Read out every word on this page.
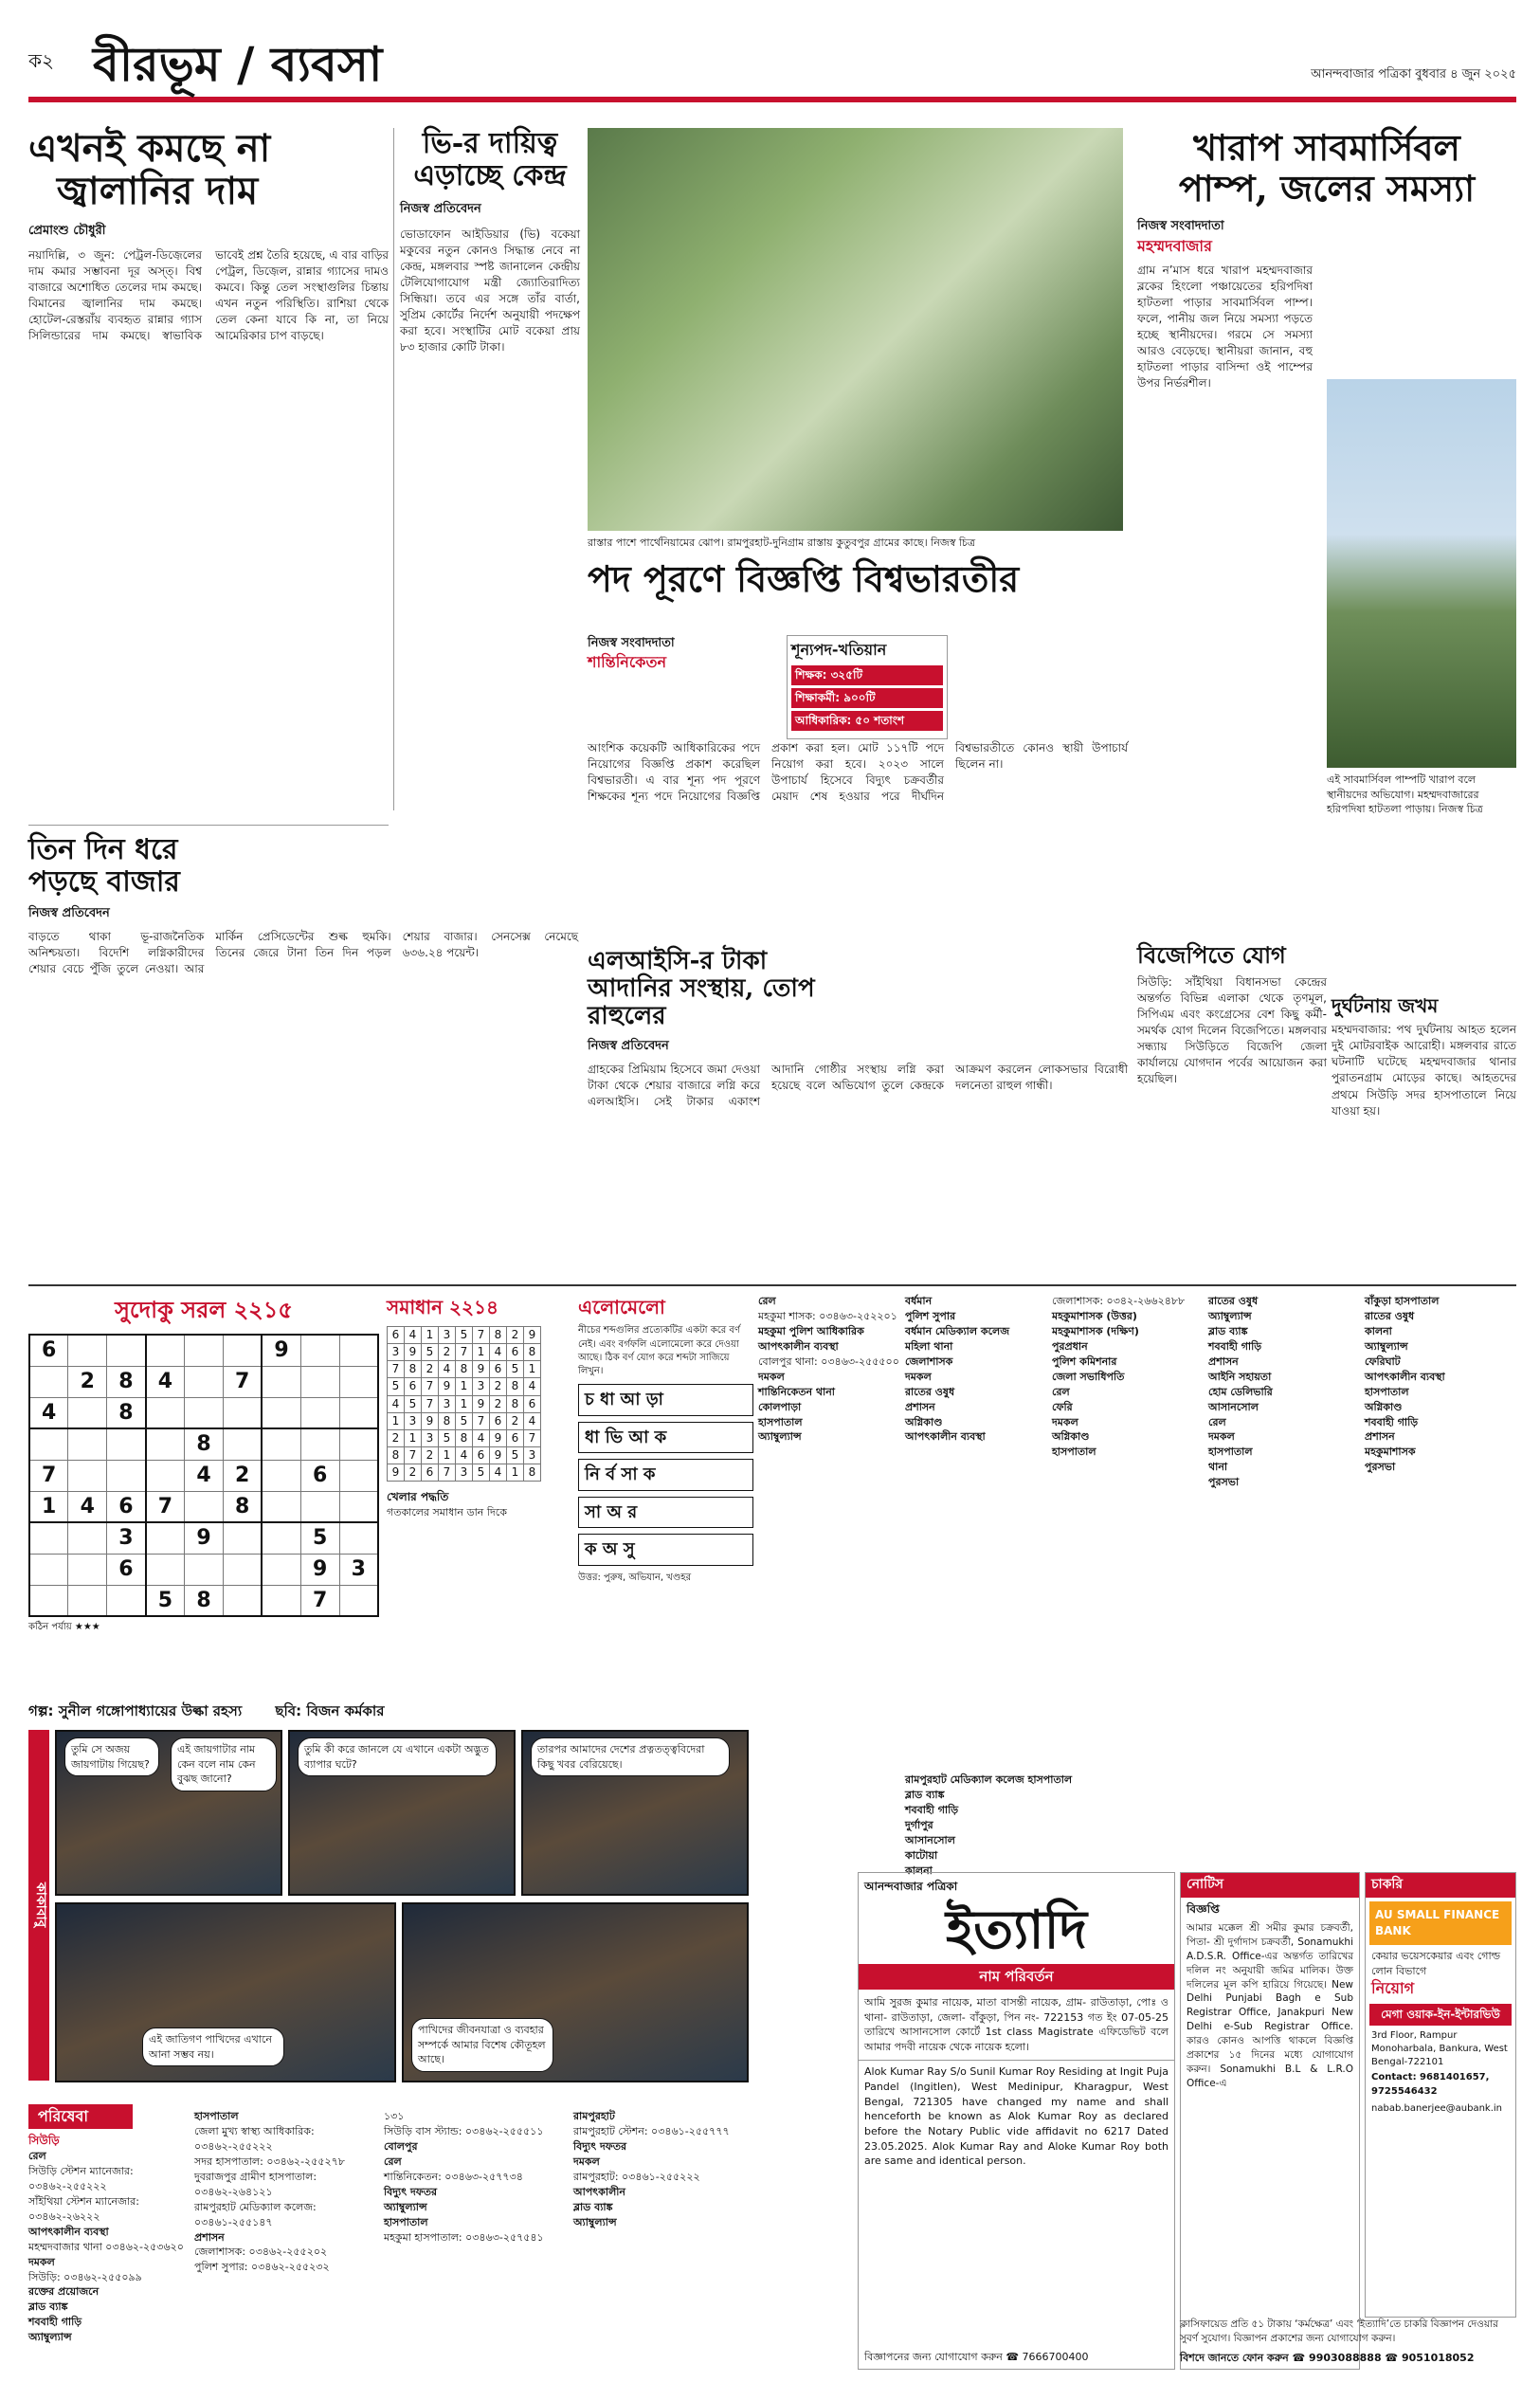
ক২ বীরভূম / ব্যবসা	আনন্দবাজার পত্রিকা বুধবার ৪ জুন ২০২৫
এখনই কমছে না
জ্বালানির দাম
প্রেমাংশু চৌধুরী
নয়াদিল্লি, ৩ জুন: পেট্রল-ডিজ়েলের দাম কমার সম্ভাবনা দূর অস্ত্। বিশ্ব বাজারে অশোধিত তেলের দাম কমছে। বিমানের জ্বালানির দাম কমছে। হোটেল-রেস্তরাঁয় ব্যবহৃত রান্নার গ্যাস সিলিন্ডারের দাম কমছে। স্বাভাবিক ভাবেই প্রশ্ন তৈরি হয়েছে, এ বার বাড়ির পেট্রল, ডিজ়েল, রান্নার গ্যাসের দামও কমবে। কিন্তু তেল সংস্থাগুলির চিন্তায় এখন নতুন পরিস্থিতি। রাশিয়া থেকে তেল কেনা যাবে কি না, তা নিয়ে আমেরিকার চাপ বাড়ছে।
ভি-র দায়িত্ব এড়াচ্ছে কেন্দ্র
নিজস্ব প্রতিবেদন
ভোডাফোন আইডিয়ার (ভি) বকেয়া মকুবের নতুন কোনও সিদ্ধান্ত নেবে না কেন্দ্র, মঙ্গলবার স্পষ্ট জানালেন কেন্দ্রীয় টেলিযোগাযোগ মন্ত্রী জ্যোতিরাদিত্য সিন্ধিয়া। তবে এর সঙ্গে তাঁর বার্তা, সুপ্রিম কোর্টের নির্দেশ অনুযায়ী পদক্ষেপ করা হবে। সংস্থাটির মোট বকেয়া প্রায় ৮৩ হাজার কোটি টাকা।
রাস্তার পাশে পার্থেনিয়ামের ঝোপ। রামপুরহাট-দুনিগ্রাম রাস্তায় কুতুবপুর গ্রামের কাছে। নিজস্ব চিত্র
খারাপ সাবমার্সিবল
পাম্প, জলের সমস্যা
নিজস্ব সংবাদদাতা
মহম্মদবাজার
গ্রাম ন’মাস ধরে খারাপ মহম্মদবাজার ব্লকের হিংলো পঞ্চায়েতের হরিপদিষা হাটতলা পাড়ার সাবমার্সিবল পাম্প। ফলে, পানীয় জল নিয়ে সমস্যা পড়তে হচ্ছে স্থানীয়দের। গরমে সে সমস্যা আরও বেড়েছে। স্থানীয়রা জানান, বহু হাটতলা পাড়ার বাসিন্দা ওই পাম্পের উপর নির্ভরশীল।
এই সাবমার্সিবল পাম্পটি খারাপ বলে স্থানীয়দের অভিযোগ। মহম্মদবাজারের হরিপদিষা হাটতলা পাড়ায়। নিজস্ব চিত্র
পদ পূরণে বিজ্ঞপ্তি বিশ্বভারতীর
নিজস্ব সংবাদদাতা
শান্তিনিকেতন
শূন্যপদ-খতিয়ান
শিক্ষক: ৩২৫টি
শিক্ষাকর্মী: ৯০০টি
আধিকারিক: ৫০ শতাংশ
আংশিক কয়েকটি আধিকারিকের পদে নিয়োগের বিজ্ঞপ্তি প্রকাশ করেছিল বিশ্বভারতী। এ বার শূন্য পদ পূরণে শিক্ষকের শূন্য পদে নিয়োগের বিজ্ঞপ্তি প্রকাশ করা হল। মোট ১১৭টি পদে নিয়োগ করা হবে। ২০২৩ সালে উপাচার্য হিসেবে বিদ্যুৎ চক্রবর্তীর মেয়াদ শেষ হওয়ার পরে দীর্ঘদিন বিশ্বভারতীতে কোনও স্থায়ী উপাচার্য ছিলেন না।
তিন দিন ধরে পড়ছে বাজার
নিজস্ব প্রতিবেদন
বাড়তে থাকা ভূ-রাজনৈতিক অনিশ্চয়তা। বিদেশি লগ্নিকারীদের শেয়ার বেচে পুঁজি তুলে নেওয়া। আর মার্কিন প্রেসিডেন্টের শুল্ক হুমকি। তিনের জেরে টানা তিন দিন পড়ল শেয়ার বাজার। সেনসেক্স নেমেছে ৬৩৬.২৪ পয়েন্ট।	এলআইসি-র টাকা আদানির সংস্থায়, তোপ রাহুলের
নিজস্ব প্রতিবেদন
গ্রাহকের প্রিমিয়াম হিসেবে জমা দেওয়া টাকা থেকে শেয়ার বাজারে লগ্নি করে এলআইসি। সেই টাকার একাংশ আদানি গোষ্ঠীর সংস্থায় লগ্নি করা হয়েছে বলে অভিযোগ তুলে কেন্দ্রকে আক্রমণ করলেন লোকসভার বিরোধী দলনেতা রাহুল গান্ধী।
বিজেপিতে যোগ
সিউড়ি: সাঁইথিয়া বিধানসভা কেন্দ্রের অন্তর্গত বিভিন্ন এলাকা থেকে তৃণমূল, সিপিএম এবং কংগ্রেসের বেশ কিছু কর্মী-সমর্থক যোগ দিলেন বিজেপিতে। মঙ্গলবার সন্ধ্যায় সিউড়িতে বিজেপি জেলা কার্যালয়ে যোগদান পর্বের আয়োজন করা হয়েছিল।
দুর্ঘটনায় জখম
মহম্মদবাজার: পথ দুর্ঘটনায় আহত হলেন দুই মোটরবাইক আরোহী। মঙ্গলবার রাতে ঘটনাটি ঘটেছে মহম্মদবাজার থানার পুরাতনগ্রাম মোড়ের কাছে। আহতদের প্রথমে সিউড়ি সদর হাসপাতালে নিয়ে যাওয়া হয়।
সুদোকু সরল ২২১৫
6						9		
	2	8	4		7			
4		8						
				8				
7				4	2		6	
1	4	6	7		8			
		3		9			5	
		6					9	3
			5	8			7	
কঠিন পর্যায় ★★★
সমাধান ২২১৪
6	4	1	3	5	7	8	2	9
3	9	5	2	7	1	4	6	8
7	8	2	4	8	9	6	5	1
5	6	7	9	1	3	2	8	4
4	5	7	3	1	9	2	8	6
1	3	9	8	5	7	6	2	4
2	1	3	5	8	4	9	6	7
8	7	2	1	4	6	9	5	3
9	2	6	7	3	5	4	1	8
খেলার পদ্ধতি
গতকালের সমাধান ডান দিকে
এলোমেলো
নীচের শব্দগুলির প্রত্যেকটির একটা করে বর্ণ নেই। এবং বর্গফলি এলোমেলো করে দেওয়া আছে। ঠিক বর্ণ যোগ করে শব্দটা সাজিয়ে লিখুন।
চ ধা আ ড়া
ধা ভি আ ক
নি র্ব সা ক
সা অ র
ক অ সু
উত্তর: পুরুষ, অভিযান, খণ্ডহর
গল্প: সুনীল গঙ্গোপাধ্যায়ের উল্কা রহস্য ছবি: বিজন কর্মকার
কাকাবাবু
তুমি সে অজয় জায়গাটায় গিয়েছ?
এই জায়গাটার নাম কেন বলে নাম কেন বুঝছ জানো?
তুমি কী করে জানলে যে এখানে একটা অদ্ভুত ব্যাপার ঘটে?
তারপর আমাদের দেশের প্রত্নতত্ত্ববিদেরা কিছু খবর বেরিয়েছে।
এই জাতিগণ পাখিদের এখানে আনা সম্ভব নয়।
পাখিদের জীবনযাত্রা ও ব্যবহার সম্পর্কে আমার বিশেষ কৌতূহল আছে।
পরিষেবা
সিউড়ি
রেল
সিউড়ি স্টেশন ম্যানেজার: ০৩৪৬২-২৫৫২২২
সাঁইথিয়া স্টেশন ম্যানেজার: ০৩৪৬২-২৬২২২
আপৎকালীন ব্যবস্থা
মহম্মদবাজার থানা ০৩৪৬২-২৫৩৬২০
দমকল
সিউড়ি: ০৩৪৬২-২৫৫০৯৯
রক্তের প্রয়োজনে
ব্লাড ব্যাঙ্ক
শববাহী গাড়ি
অ্যাম্বুল্যান্স
হাসপাতাল
জেলা মুখ্য স্বাস্থ্য আধিকারিক: ০৩৪৬২-২৫৫২২২
সদর হাসপাতাল: ০৩৪৬২-২৫৫২৭৮
দুবরাজপুর গ্রামীণ হাসপাতাল: ০৩৪৬২-২৬৪১২১
রামপুরহাট মেডিক্যাল কলেজ: ০৩৪৬১-২৫৫১৪৭
প্রশাসন
জেলাশাসক: ০৩৪৬২-২৫৫২০২
পুলিশ সুপার: ০৩৪৬২-২৫৫২৩২
১৩১
সিউড়ি বাস স্ট্যান্ড: ০৩৪৬২-২৫৫৫১১
বোলপুর
রেল
শান্তিনিকেতন: ০৩৪৬৩-২৫৭৭৩৪
বিদ্যুৎ দফতর
অ্যাম্বুল্যান্স
হাসপাতাল
মহকুমা হাসপাতাল: ০৩৪৬৩-২৫৭৫৪১
রামপুরহাট
রামপুরহাট স্টেশন: ০৩৪৬১-২৫৫৭৭৭
বিদ্যুৎ দফতর
দমকল
রামপুরহাট: ০৩৪৬১-২৫৫২২২
আপৎকালীন
ব্লাড ব্যাঙ্ক
অ্যাম্বুল্যান্স
রেল
মহকুমা শাসক: ০৩৪৬৩-২৫২২০১
মহকুমা পুলিশ আধিকারিক
আপৎকালীন ব্যবস্থা
বোলপুর থানা: ০৩৪৬৩-২৫৫৫০০
দমকল
শান্তিনিকেতন থানা
কোলপাড়া
হাসপাতাল
অ্যাম্বুল্যান্স
বর্ধমান
পুলিশ সুপার
বর্ধমান মেডিক্যাল কলেজ
মহিলা থানা
জেলাশাসক
দমকল
রাতের ওষুধ
প্রশাসন
অগ্নিকাণ্ড
আপৎকালীন ব্যবস্থা
জেলাশাসক: ০৩৪২-২৬৬২৪৮৮
মহকুমাশাসক (উত্তর)
মহকুমাশাসক (দক্ষিণ)
পুরপ্রধান
পুলিশ কমিশনার
জেলা সভাধিপতি
রেল
ফেরি
দমকল
অগ্নিকাণ্ড
হাসপাতাল
রাতের ওষুধ
অ্যাম্বুল্যান্স
ব্লাড ব্যাঙ্ক
শববাহী গাড়ি
প্রশাসন
আইনি সহায়তা
হোম ডেলিভারি
আসানসোল
রেল
দমকল
হাসপাতাল
থানা
পুরসভা
বাঁকুড়া হাসপাতাল
রাতের ওষুধ
কালনা
অ্যাম্বুল্যান্স
ফেরিঘাট
আপৎকালীন ব্যবস্থা
হাসপাতাল
অগ্নিকাণ্ড
শববাহী গাড়ি
প্রশাসন
মহকুমাশাসক
পুরসভা
রামপুরহাট মেডিক্যাল কলেজ হাসপাতাল
ব্লাড ব্যাঙ্ক
শববাহী গাড়ি
দুর্গাপুর
আসানসোল
কাটোয়া
কালনা
আনন্দবাজার পত্রিকা
ইত্যাদি
নাম পরিবর্তন
আমি সুরজ কুমার নায়েক, মাতা বাসন্তী নায়েক, গ্রাম- রাউতাড়া, পোঃ ও থানা- রাউতাড়া, জেলা- বাঁকুড়া, পিন নং- 722153 গত ইং 07-05-25 তারিখে আসানসোল কোর্টে 1st class Magistrate এফিডেভিট বলে আমার পদবী নায়েক থেকে নায়েক হলো।
Alok Kumar Ray S/o Sunil Kumar Roy Residing at Ingit Puja Pandel (Ingitlen), West Medinipur, Kharagpur, West Bengal, 721305 have changed my name and shall henceforth be known as Alok Kumar Roy as declared before the Notary Public vide affidavit no 6217 Dated 23.05.2025. Alok Kumar Ray and Aloke Kumar Roy both are same and identical person.
বিজ্ঞাপনের জন্য যোগাযোগ করুন ☎ 7666700400
নোটিস
বিজ্ঞপ্তি
আমার মক্কেল শ্রী সমীর কুমার চক্রবর্তী, পিতা- শ্রী দুর্গাদাস চক্রবর্তী, Sonamukhi A.D.S.R. Office-এর অন্তর্গত তারিখের দলিল নং অনুযায়ী জমির মালিক। উক্ত দলিলের মূল কপি হারিয়ে গিয়েছে। New Delhi Punjabi Bagh e Sub Registrar Office, Janakpuri New Delhi e-Sub Registrar Office. কারও কোনও আপত্তি থাকলে বিজ্ঞপ্তি প্রকাশের ১৫ দিনের মধ্যে যোগাযোগ করুন। Sonamukhi B.L & L.R.O Office-এ
চাকরি
AU SMALL FINANCE BANK
কেয়ার ভয়েসকেয়ার এবং গোল্ড লোন বিভাগে
নিয়োগ
মেগা ওয়াক-ইন-ইন্টারভিউ
3rd Floor, Rampur Monoharbala, Bankura, West Bengal-722101
Contact: 9681401657, 9725546432
nabab.banerjee@aubank.in
ক্লাসিফায়েড প্রতি ৫১ টাকায় ‘কর্মক্ষেত্র’ এবং ‘ইত্যাদি’তে চাকরি বিজ্ঞাপন দেওয়ার সুবর্ণ সুযোগ। বিজ্ঞাপন প্রকাশের জন্য যোগাযোগ করুন।
বিশদে জানতে ফোন করুন ☎ 9903088888 ☎ 9051018052
